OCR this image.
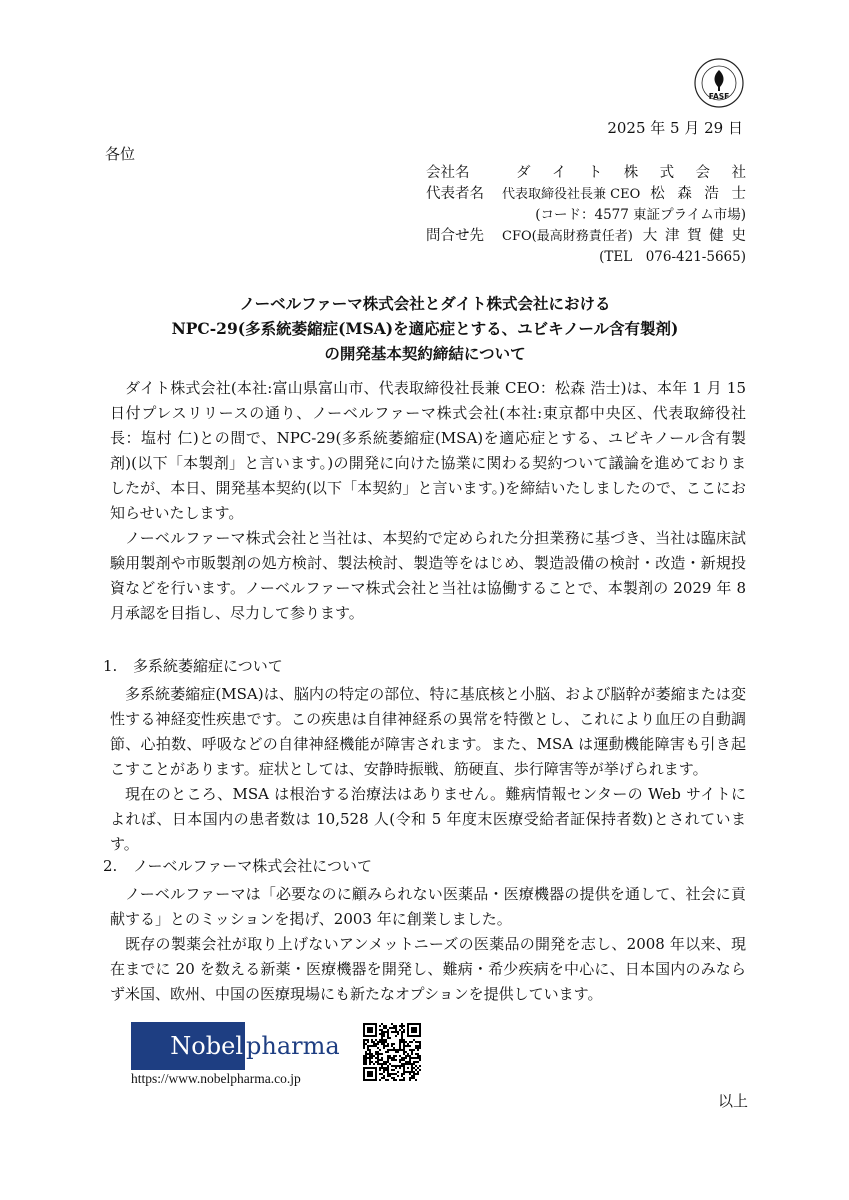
FASF
2025 年 5 月 29 日
各位
会社名	ダ イ ト 株 式 会 社
代表者名	代表取締役社長兼 CEO 松 森 浩 士
(コード：4577 東証プライム市場)
問合せ先	CFO(最高財務責任者) 大 津 賀 健 史
(TEL　076-421-5665)
ノーベルファーマ株式会社とダイト株式会社における
NPC-29(多系統萎縮症(MSA)を適応症とする、ユビキノール含有製剤)
の開発基本契約締結について

ダイト株式会社(本社:富山県富山市、代表取締役社長兼 CEO：松森 浩士)は、本年 1 月 15 日付プレスリリースの通り、ノーベルファーマ株式会社(本社:東京都中央区、代表取締役社長：塩村 仁)との間で、NPC-29(多系統萎縮症(MSA)を適応症とする、ユビキノール含有製剤)(以下「本製剤」と言います。)の開発に向けた協業に関わる契約ついて議論を進めておりましたが、本日、開発基本契約(以下「本契約」と言います。)を締結いたしましたので、ここにお知らせいたします。

ノーベルファーマ株式会社と当社は、本契約で定められた分担業務に基づき、当社は臨床試験用製剤や市販製剤の処方検討、製法検討、製造等をはじめ、製造設備の検討・改造・新規投資などを行います。ノーベルファーマ株式会社と当社は協働することで、本製剤の 2029 年 8 月承認を目指し、尽力して参ります。

1. 多系統萎縮症について

多系統萎縮症(MSA)は、脳内の特定の部位、特に基底核と小脳、および脳幹が萎縮または変性する神経変性疾患です。この疾患は自律神経系の異常を特徴とし、これにより血圧の自動調節、心拍数、呼吸などの自律神経機能が障害されます。また、MSA は運動機能障害も引き起こすことがあります。症状としては、安静時振戦、筋硬直、歩行障害等が挙げられます。

現在のところ、MSA は根治する治療法はありません。難病情報センターの Web サイトによれば、日本国内の患者数は 10,528 人(令和 5 年度末医療受給者証保持者数)とされています。

2. ノーベルファーマ株式会社について

ノーベルファーマは「必要なのに顧みられない医薬品・医療機器の提供を通して、社会に貢献する」とのミッションを掲げ、2003 年に創業しました。

既存の製薬会社が取り上げないアンメットニーズの医薬品の開発を志し、2008 年以来、現在までに 20 を数える新薬・医療機器を開発し、難病・希少疾病を中心に、日本国内のみならず米国、欧州、中国の医療現場にも新たなオプションを提供しています。

Nobel pharma
https://www.nobelpharma.co.jp
以上
